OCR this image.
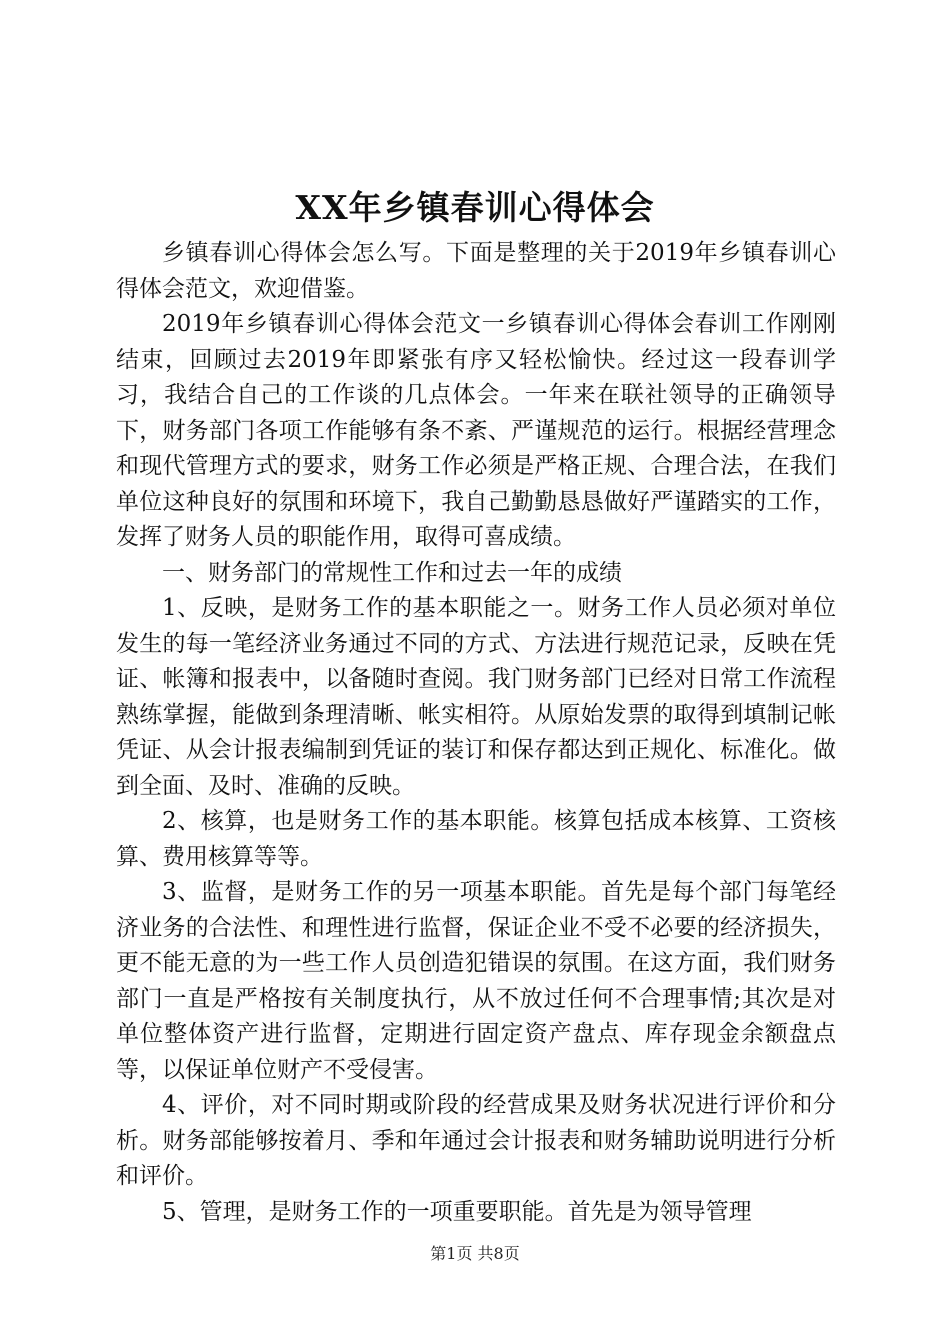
XX年乡镇春训心得体会

乡镇春训心得体会怎么写。下面是整理的关于2019年乡镇春训心得体会范文，欢迎借鉴。

2019年乡镇春训心得体会范文一乡镇春训心得体会春训工作刚刚结束，回顾过去2019年即紧张有序又轻松愉快。经过这一段春训学习，我结合自己的工作谈的几点体会。一年来在联社领导的正确领导下，财务部门各项工作能够有条不紊、严谨规范的运行。根据经营理念和现代管理方式的要求，财务工作必须是严格正规、合理合法，在我们单位这种良好的氛围和环境下，我自己勤勤恳恳做好严谨踏实的工作，发挥了财务人员的职能作用，取得可喜成绩。

一、财务部门的常规性工作和过去一年的成绩

1、反映，是财务工作的基本职能之一。财务工作人员必须对单位发生的每一笔经济业务通过不同的方式、方法进行规范记录，反映在凭证、帐簿和报表中，以备随时查阅。我门财务部门已经对日常工作流程熟练掌握，能做到条理清晰、帐实相符。从原始发票的取得到填制记帐凭证、从会计报表编制到凭证的装订和保存都达到正规化、标准化。做到全面、及时、准确的反映。

2、核算，也是财务工作的基本职能。核算包括成本核算、工资核算、费用核算等等。

3、监督，是财务工作的另一项基本职能。首先是每个部门每笔经济业务的合法性、和理性进行监督，保证企业不受不必要的经济损失，更不能无意的为一些工作人员创造犯错误的氛围。在这方面，我们财务部门一直是严格按有关制度执行，从不放过任何不合理事情;其次是对单位整体资产进行监督，定期进行固定资产盘点、库存现金余额盘点等，以保证单位财产不受侵害。

4、评价，对不同时期或阶段的经营成果及财务状况进行评价和分析。财务部能够按着月、季和年通过会计报表和财务辅助说明进行分析和评价。

5、管理，是财务工作的一项重要职能。首先是为领导管理

第1页 共8页
